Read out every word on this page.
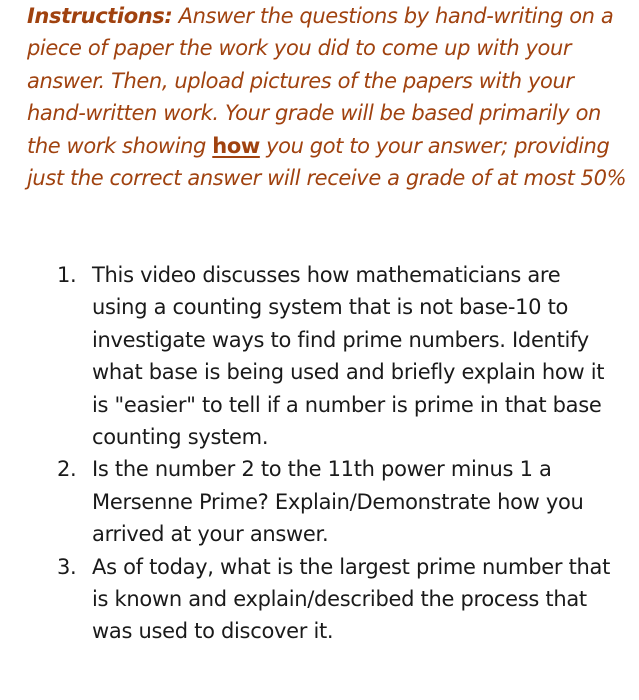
Instructions: Answer the questions by hand-writing on a piece of paper the work you did to come up with your answer. Then, upload pictures of the papers with your hand-written work. Your grade will be based primarily on the work showing how you got to your answer; providing just the correct answer will receive a grade of at most 50%

1. This video discusses how mathematicians are using a counting system that is not base-10 to investigate ways to find prime numbers. Identify what base is being used and briefly explain how it is "easier" to tell if a number is prime in that base counting system.
2. Is the number 2 to the 11th power minus 1 a Mersenne Prime? Explain/Demonstrate how you arrived at your answer.
3. As of today, what is the largest prime number that is known and explain/described the process that was used to discover it.
